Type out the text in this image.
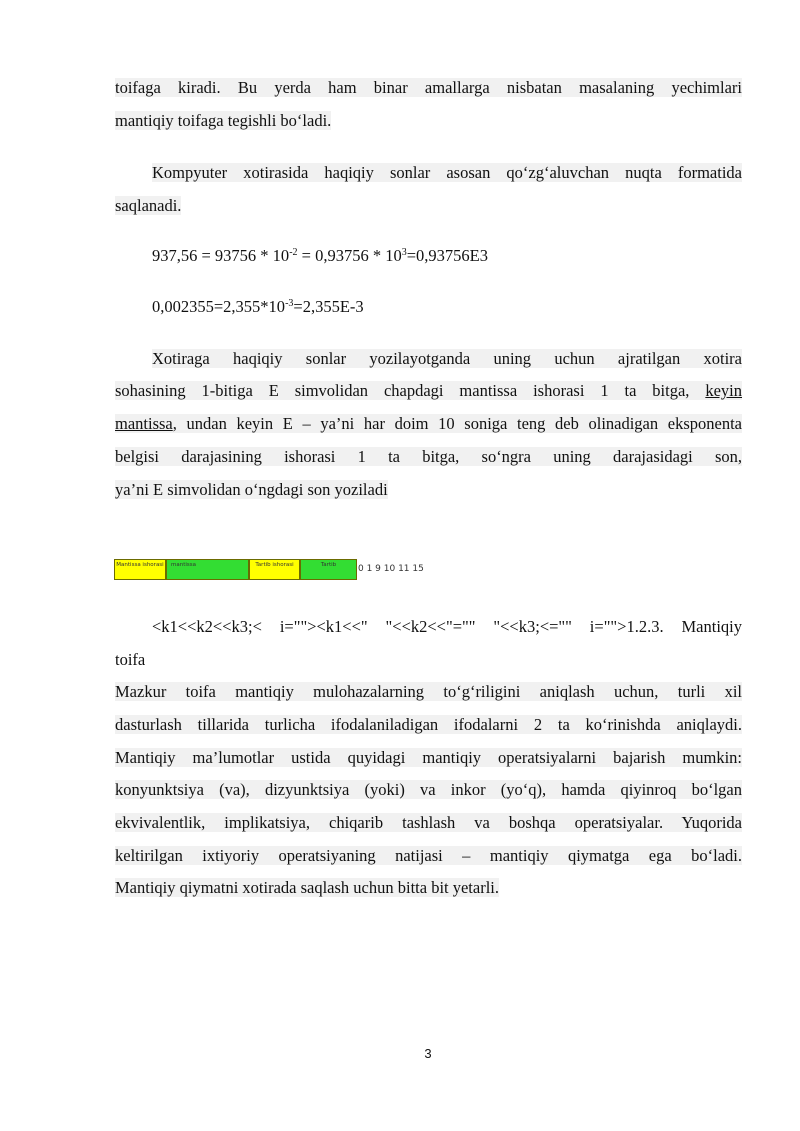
toifaga kiradi. Bu yerda ham binar amallarga nisbatan masalaning yechimlari
mantiqiy toifaga tegishli bo‘ladi.
Kompyuter xotirasida haqiqiy sonlar asosan qo‘zg‘aluvchan nuqta formatida
saqlanadi.
$937,56 = 93756 * 10^{-2} = 0,93756 * 10^3=0,93756E3$
$0,002355=2,355*10^{-3}=2,355E-3$
Xotiraga haqiqiy sonlar yozilayotganda uning uchun ajratilgan xotira
sohasining 1-bitiga E simvolidan chapdagi mantissa ishorasi 1 ta bitga, keyin
mantissa, undan keyin E – ya’ni har doim 10 soniga teng deb olinadigan eksponenta
belgisi darajasining ishorasi 1 ta bitga, so‘ngra uning darajasidagi son,
ya’ni E simvolidan o‘ngdagi son yoziladi
Mantissa ishorasi	mantissa	Tartib ishorasi	Tartib	0 1 9 10 11 15
<k1<<k2<<k3;< i=""><k1<<" "<<k2<<"="" "<<k3;<="" i="">1.2.3. Mantiqiy
toifa
Mazkur toifa mantiqiy mulohazalarning to‘g‘riligini aniqlash uchun, turli xil
dasturlash tillarida turlicha ifodalaniladigan ifodalarni 2 ta ko‘rinishda aniqlaydi.
Mantiqiy ma’lumotlar ustida quyidagi mantiqiy operatsiyalarni bajarish mumkin:
konyunktsiya (va), dizyunktsiya (yoki) va inkor (yo‘q), hamda qiyinroq bo‘lgan
ekvivalentlik, implikatsiya, chiqarib tashlash va boshqa operatsiyalar. Yuqorida
keltirilgan ixtiyoriy operatsiyaning natijasi – mantiqiy qiymatga ega bo‘ladi.
Mantiqiy qiymatni xotirada saqlash uchun bitta bit yetarli.
3
